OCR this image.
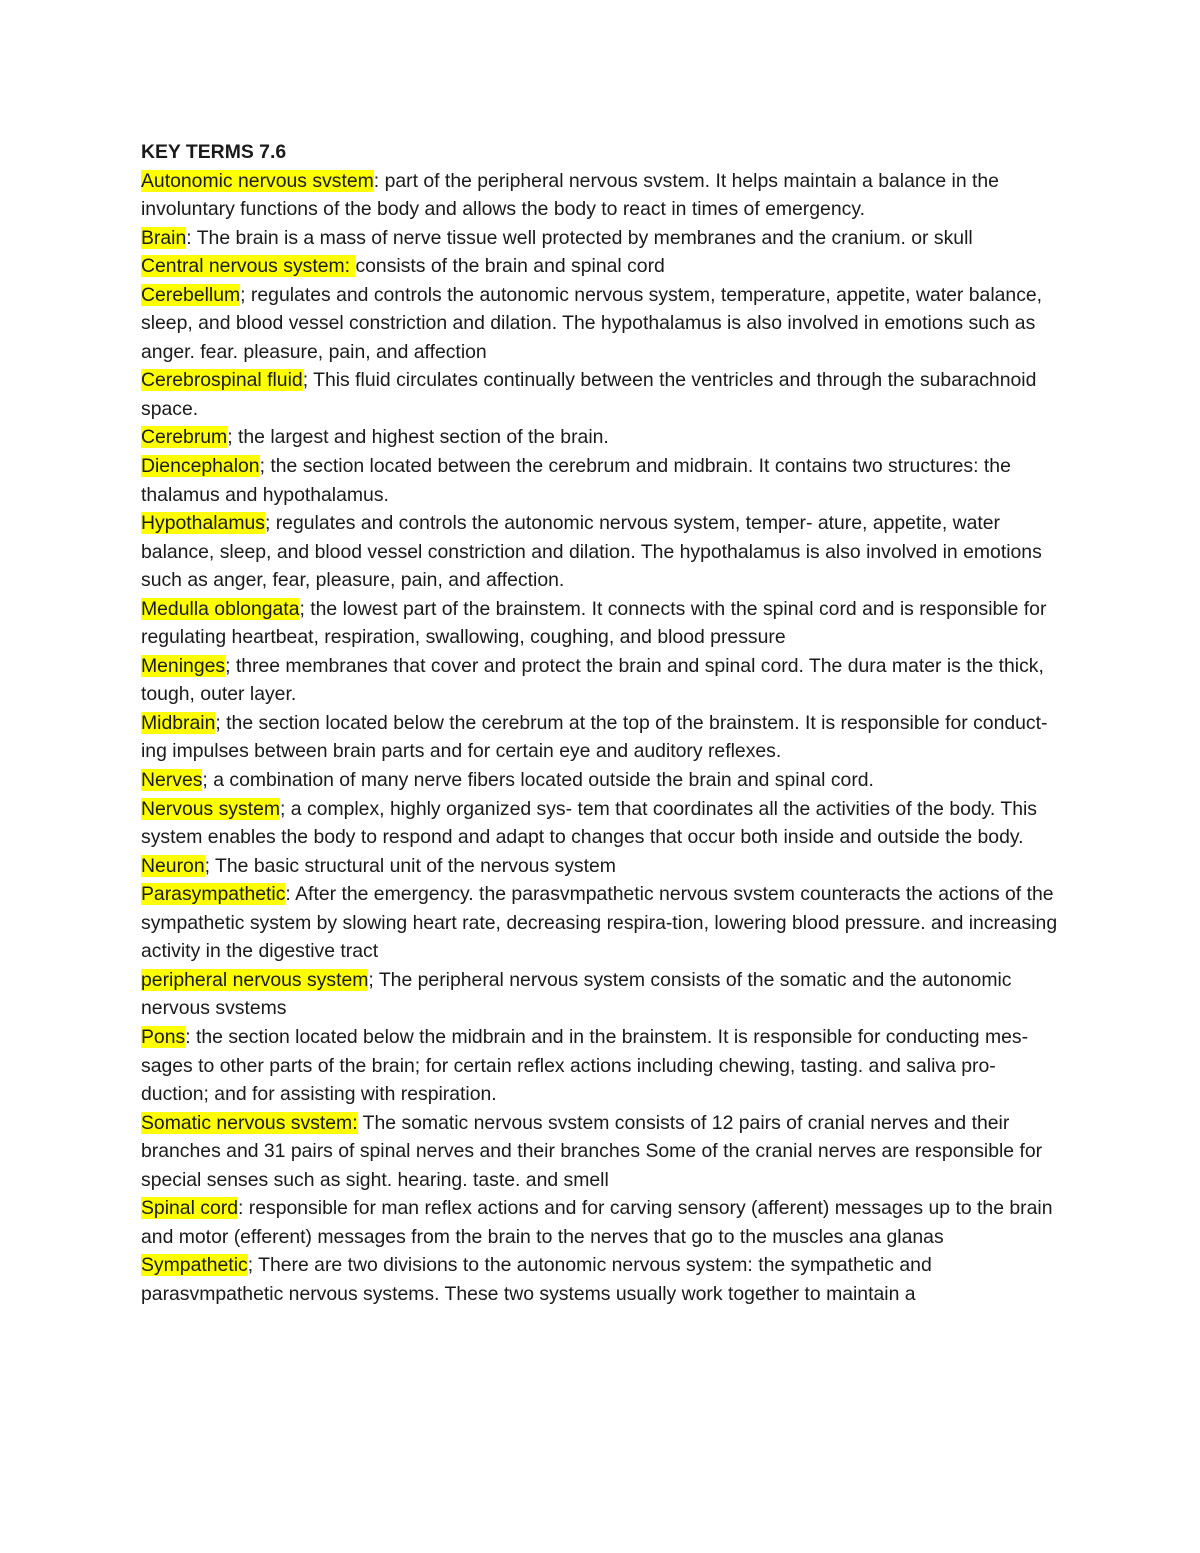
KEY TERMS 7.6

Autonomic nervous svstem: part of the peripheral nervous svstem. It helps maintain a balance in the involuntary functions of the body and allows the body to react in times of emergency.

Brain: The brain is a mass of nerve tissue well protected by membranes and the cranium. or skull

Central nervous system: consists of the brain and spinal cord

Cerebellum; regulates and controls the autonomic nervous system, temperature, appetite, water balance, sleep, and blood vessel constriction and dilation. The hypothalamus is also involved in emotions such as anger. fear. pleasure, pain, and affection

Cerebrospinal fluid; This fluid circulates continually between the ventricles and through the subarachnoid space.

Cerebrum; the largest and highest section of the brain.

Diencephalon; the section located between the cerebrum and midbrain. It contains two structures: the thalamus and hypothalamus.

Hypothalamus; regulates and controls the autonomic nervous system, temper- ature, appetite, water balance, sleep, and blood vessel constriction and dilation. The hypothalamus is also involved in emotions such as anger, fear, pleasure, pain, and affection.

Medulla oblongata; the lowest part of the brainstem. It connects with the spinal cord and is responsible for regulating heartbeat, respiration, swallowing, coughing, and blood pressure

Meninges; three membranes that cover and protect the brain and spinal cord. The dura mater is the thick, tough, outer layer.

Midbrain; the section located below the cerebrum at the top of the brainstem. It is responsible for conduct- ing impulses between brain parts and for certain eye and auditory reflexes.

Nerves; a combination of many nerve fibers located outside the brain and spinal cord.

Nervous system; a complex, highly organized sys- tem that coordinates all the activities of the body. This system enables the body to respond and adapt to changes that occur both inside and outside the body.

Neuron; The basic structural unit of the nervous system

Parasympathetic: After the emergency. the parasvmpathetic nervous svstem counteracts the actions of the sympathetic system by slowing heart rate, decreasing respira-tion, lowering blood pressure. and increasing activity in the digestive tract

peripheral nervous system; The peripheral nervous system consists of the somatic and the autonomic nervous svstems

Pons: the section located below the midbrain and in the brainstem. It is responsible for conducting mes- sages to other parts of the brain; for certain reflex actions including chewing, tasting. and saliva pro- duction; and for assisting with respiration.

Somatic nervous svstem: The somatic nervous svstem consists of 12 pairs of cranial nerves and their branches and 31 pairs of spinal nerves and their branches Some of the cranial nerves are responsible for special senses such as sight. hearing. taste. and smell

Spinal cord: responsible for man reflex actions and for carving sensory (afferent) messages up to the brain and motor (efferent) messages from the brain to the nerves that go to the muscles ana glanas

Sympathetic; There are two divisions to the autonomic nervous system: the sympathetic and parasvmpathetic nervous systems. These two systems usually work together to maintain a
